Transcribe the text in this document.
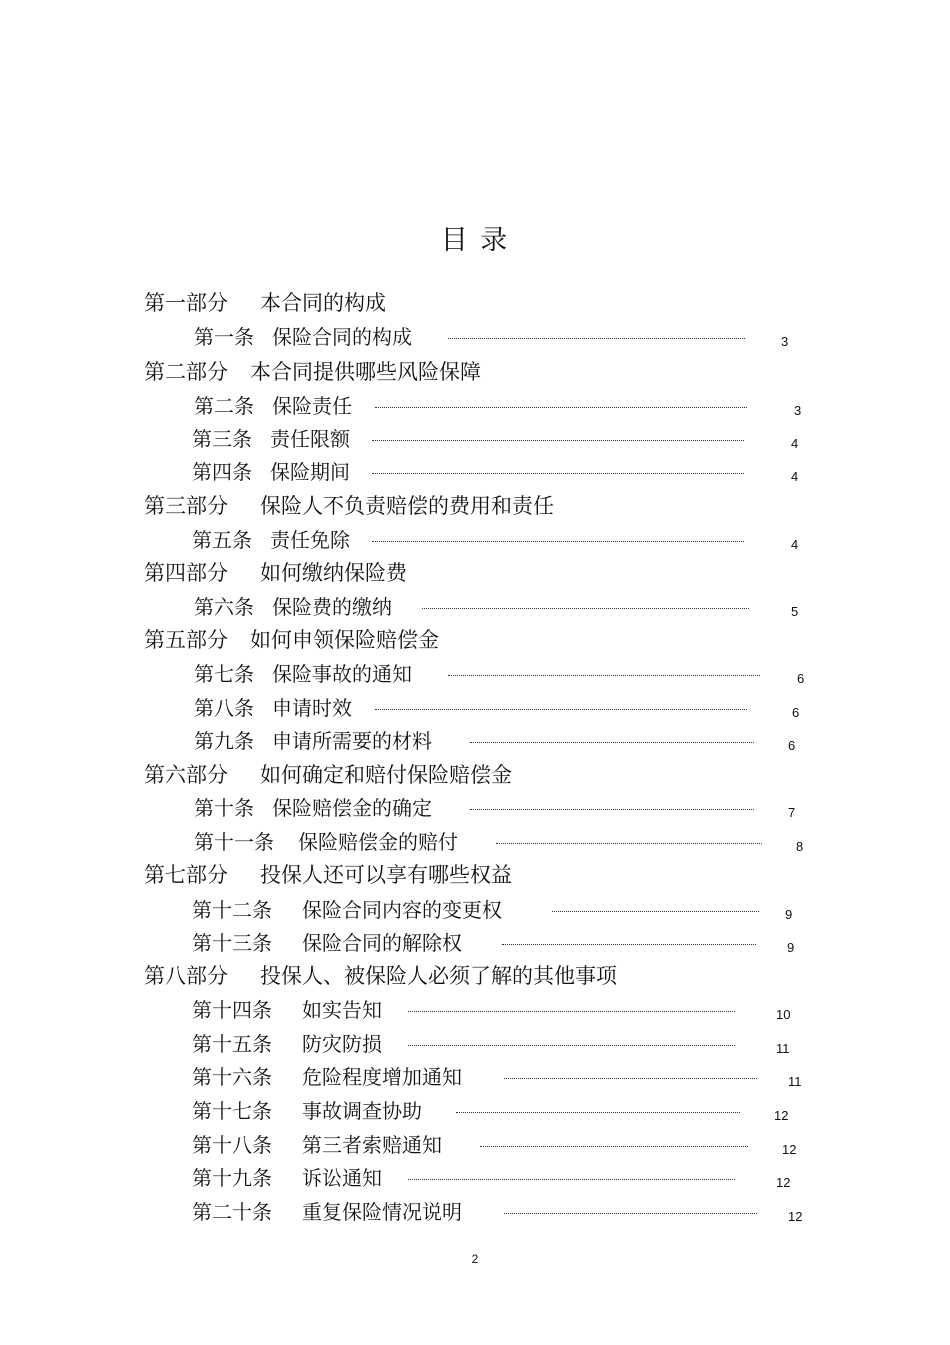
目 录
第一部分 本合同的构成
第一条 保险合同的构成	3
第二部分 本合同提供哪些风险保障
第二条 保险责任	3
第三条 责任限额	4
第四条 保险期间	4
第三部分 保险人不负责赔偿的费用和责任
第五条 责任免除	4
第四部分 如何缴纳保险费
第六条 保险费的缴纳	5
第五部分 如何申领保险赔偿金
第七条 保险事故的通知	6
第八条 申请时效	6
第九条 申请所需要的材料	6
第六部分 如何确定和赔付保险赔偿金
第十条 保险赔偿金的确定	7
第十一条 保险赔偿金的赔付	8
第七部分 投保人还可以享有哪些权益
第十二条 保险合同内容的变更权	9
第十三条 保险合同的解除权	9
第八部分 投保人、被保险人必须了解的其他事项
第十四条 如实告知	10
第十五条 防灾防损	11
第十六条 危险程度增加通知	11
第十七条 事故调查协助	12
第十八条 第三者索赔通知	12
第十九条 诉讼通知	12
第二十条 重复保险情况说明	12
2
